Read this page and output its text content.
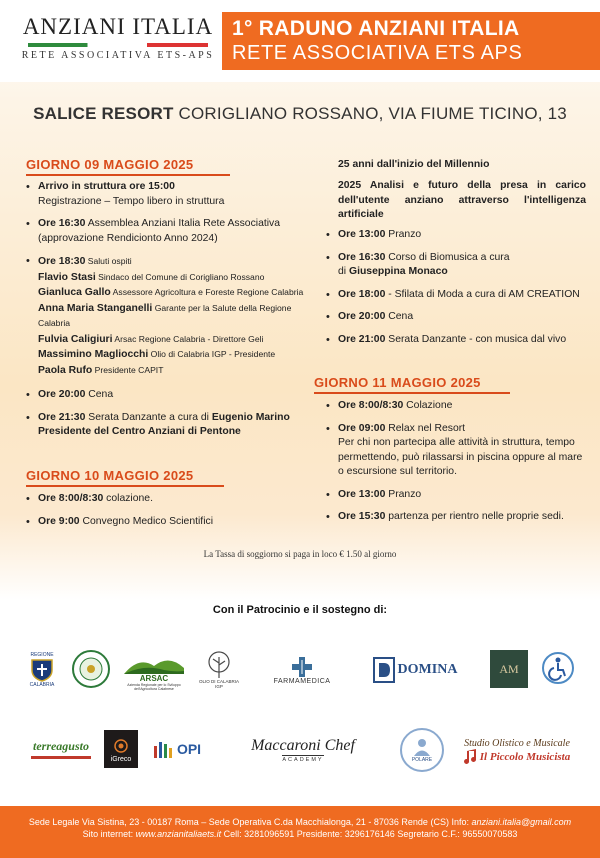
ANZIANI ITALIA
RETE ASSOCIATIVA ETS-APS
1° RADUNO ANZIANI ITALIA
RETE ASSOCIATIVA ETS APS
SALICE RESORT CORIGLIANO ROSSANO, VIA FIUME TICINO, 13
GIORNO 09 MAGGIO 2025
• Arrivo in struttura ore 15:00
Registrazione – Tempo libero in struttura
• Ore 16:30 Assemblea Anziani Italia Rete Associativa
(approvazione Rendicionto Anno 2024)
• Ore 18:30 Saluti ospiti
Flavio Stasi Sindaco del Comune di Corigliano Rossano
Gianluca Gallo Assessore Agricoltura e Foreste Regione Calabria
Anna Maria Stanganelli Garante per la Salute della Regione Calabria
Fulvia Caligiuri Arsac Regione Calabria - Direttore Geli
Massimino Magliocchi Olio di Calabria IGP - Presidente
Paola Rufo Presidente CAPIT
• Ore 20:00 Cena
• Ore 21:30 Serata Danzante a cura di Eugenio Marino
Presidente del Centro Anziani di Pentone
GIORNO 10 MAGGIO 2025
• Ore 8:00/8:30 colazione.
• Ore 9:00 Convegno Medico Scientifici
25 anni dall'inizio del Millennio
2025 Analisi e futuro della presa in carico dell'utente anziano attraverso l'intelligenza artificiale
• Ore 13:00 Pranzo
• Ore 16:30 Corso di Biomusica a cura
di Giuseppina Monaco
• Ore 18:00 - Sfilata di Moda a cura di AM CREATION
• Ore 20:00 Cena
• Ore 21:00 Serata Danzante - con musica dal vivo
GIORNO 11 MAGGIO 2025
• Ore 8:00/8:30 Colazione
• Ore 09:00 Relax nel Resort
Per chi non partecipa alle attività in struttura, tempo permettendo, può rilassarsi in piscina oppure al mare o escursione sul territorio.
• Ore 13:00 Pranzo
• Ore 15:30 partenza per rientro nelle proprie sedi.
La Tassa di soggiorno si paga in loco € 1.50 al giorno
Con il Patrocinio e il sostegno di:
REGIONE
CALABRIA
ARSAC
Azienda Regionale per lo Sviluppo dell'Agricoltura Calabrese
OLIO DI CALABRIA IGP
FARMAMEDICA
DOMINA	AM
terreagusto
iGreco
OPI	Maccaroni Chef
ACADEMY	POLARE
Studio Olistico e Musicale
Il Piccolo Musicista
Sede Legale Via Sistina, 23 - 00187 Roma – Sede Operativa C.da Macchialonga, 21 - 87036 Rende (CS) Info: anziani.italia@gmail.com
Sito internet: www.anzianitaliaets.it Cell: 3281096591 Presidente: 3296176146 Segretario C.F.: 96550070583
